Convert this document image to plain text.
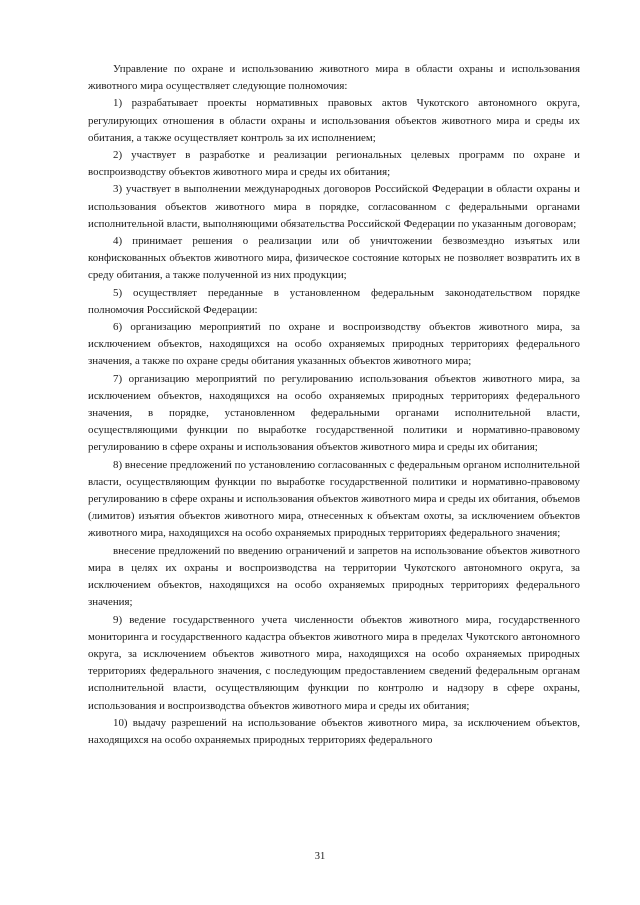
Управление по охране и использованию животного мира в области охраны и использования животного мира осуществляет следующие полномочия:

1) разрабатывает проекты нормативных правовых актов Чукотского автономного округа, регулирующих отношения в области охраны и использования объектов животного мира и среды их обитания, а также осуществляет контроль за их исполнением;

2) участвует в разработке и реализации региональных целевых программ по охране и воспроизводству объектов животного мира и среды их обитания;

3) участвует в выполнении международных договоров Российской Федерации в области охраны и использования объектов животного мира в порядке, согласованном с федеральными органами исполнительной власти, выполняющими обязательства Российской Федерации по указанным договорам;

4) принимает решения о реализации или об уничтожении безвозмездно изъятых или конфискованных объектов животного мира, физическое состояние которых не позволяет возвратить их в среду обитания, а также полученной из них продукции;

5) осуществляет переданные в установленном федеральным законодательством порядке полномочия Российской Федерации:

6) организацию мероприятий по охране и воспроизводству объектов животного мира, за исключением объектов, находящихся на особо охраняемых природных территориях федерального значения, а также по охране среды обитания указанных объектов животного мира;

7) организацию мероприятий по регулированию использования объектов животного мира, за исключением объектов, находящихся на особо охраняемых природных территориях федерального значения, в порядке, установленном федеральными органами исполнительной власти, осуществляющими функции по выработке государственной политики и нормативно-правовому регулированию в сфере охраны и использования объектов животного мира и среды их обитания;

8) внесение предложений по установлению согласованных с федеральным органом исполнительной власти, осуществляющим функции по выработке государственной политики и нормативно-правовому регулированию в сфере охраны и использования объектов животного мира и среды их обитания, объемов (лимитов) изъятия объектов животного мира, отнесенных к объектам охоты, за исключением объектов животного мира, находящихся на особо охраняемых природных территориях федерального значения;

внесение предложений по введению ограничений и запретов на использование объектов животного мира в целях их охраны и воспроизводства на территории Чукотского автономного округа, за исключением объектов, находящихся на особо охраняемых природных территориях федерального значения;

9) ведение государственного учета численности объектов животного мира, государственного мониторинга и государственного кадастра объектов животного мира в пределах Чукотского автономного округа, за исключением объектов животного мира, находящихся на особо охраняемых природных территориях федерального значения, с последующим предоставлением сведений федеральным органам исполнительной власти, осуществляющим функции по контролю и надзору в сфере охраны, использования и воспроизводства объектов животного мира и среды их обитания;

10) выдачу разрешений на использование объектов животного мира, за исключением объектов, находящихся на особо охраняемых природных территориях федерального

31
